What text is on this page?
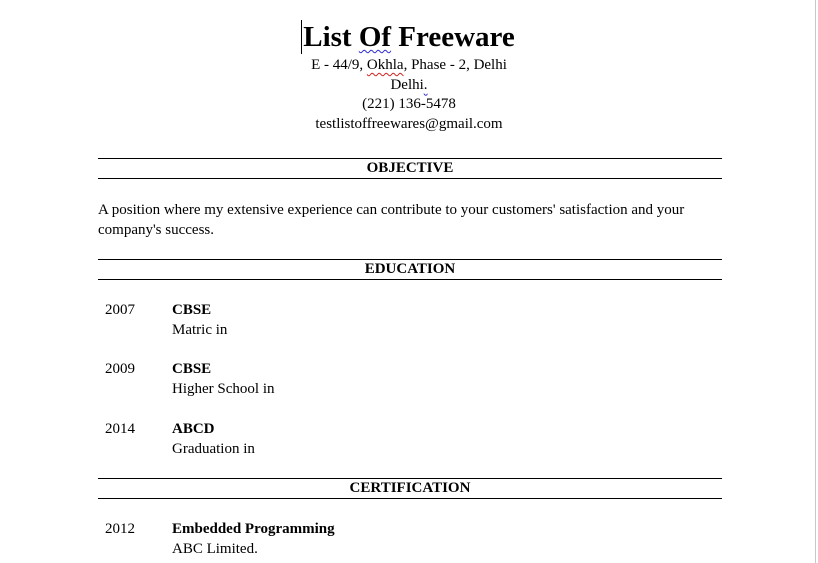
List Of Freeware
E - 44/9, Okhla, Phase - 2, Delhi
Delhi.
(221) 136-5478
testlistoffreewares@gmail.com
OBJECTIVE
A position where my extensive experience can contribute to your customers' satisfaction and your company's success.
EDUCATION
2007 CBSE
Matric in
2009 CBSE
Higher School in
2014 ABCD
Graduation in
CERTIFICATION
2012 Embedded Programming
ABC Limited.
